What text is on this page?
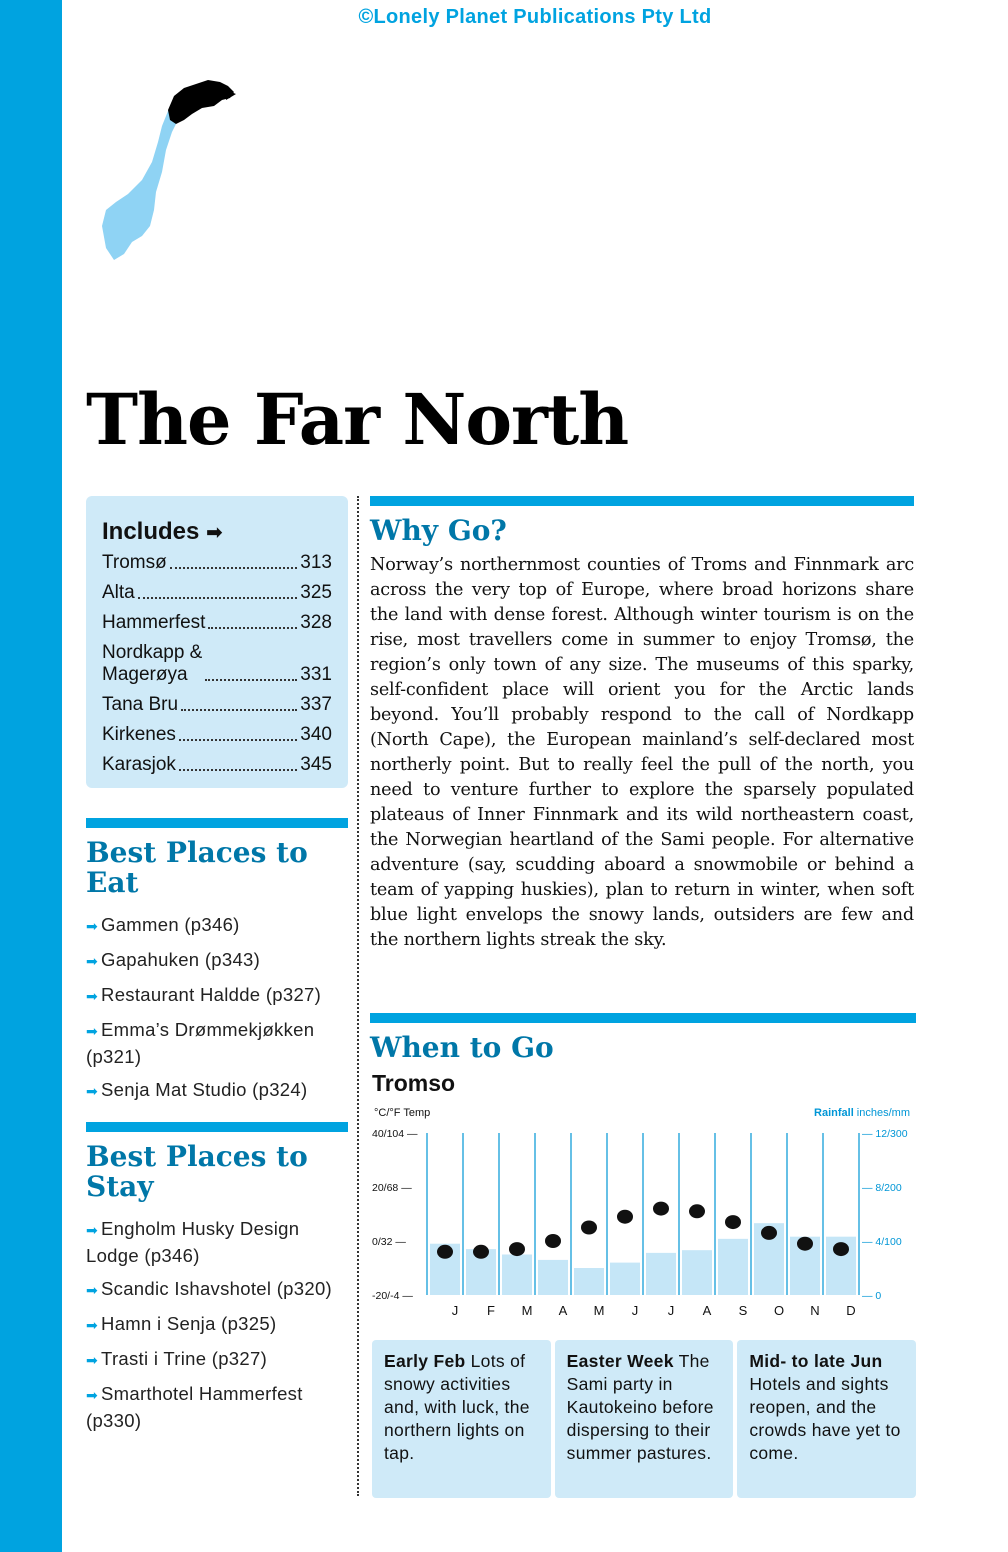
©Lonely Planet Publications Pty Ltd
The Far North
Includes ➡
Tromsø	313
Alta	325
Hammerfest	328
Nordkapp &
Magerøya	331
Tana Bru	337
Kirkenes	340
Karasjok	345
Best Places to Eat
➡ Gammen (p346)
➡ Gapahuken (p343)
➡ Restaurant Haldde (p327)
➡ Emma’s Drømmekjøkken (p321)
➡ Senja Mat Studio (p324)
Best Places to Stay
➡ Engholm Husky Design Lodge (p346)
➡ Scandic Ishavshotel (p320)
➡ Hamn i Senja (p325)
➡ Trasti i Trine (p327)
➡ Smarthotel Hammerfest (p330)
Why Go?

Norway’s northernmost counties of Troms and Finnmark arc across the very top of Europe, where broad horizons share the land with dense forest. Although winter tourism is on the rise, most travellers come in summer to enjoy Tromsø, the region’s only town of any size. The museums of this sparky, self-confident place will orient you for the Arctic lands beyond. You’ll probably respond to the call of Nordkapp (North Cape), the European mainland’s self-declared most northerly point. But to really feel the pull of the north, you need to venture further to explore the sparsely populated plateaus of Inner Finnmark and its wild northeastern coast, the Norwegian heartland of the Sami people. For alternative adventure (say, scudding aboard a snowmobile or behind a team of yapping huskies), plan to return in winter, when soft blue light envelops the snowy lands, outsiders are few and the northern lights streak the sky.

When to Go
Tromso
°C/°F Temp	Rainfall inches/mm
40/104 —
20/68 —
0/32 —
-20/-4 —
— 12/300
— 8/200
— 4/100
— 0
J F M A M J J A S O N D
Early Feb Lots of snowy activities and, with luck, the northern lights on tap.
Easter Week The Sami party in Kautokeino before dispersing to their summer pastures.
Mid- to late Jun Hotels and sights reopen, and the crowds have yet to come.
